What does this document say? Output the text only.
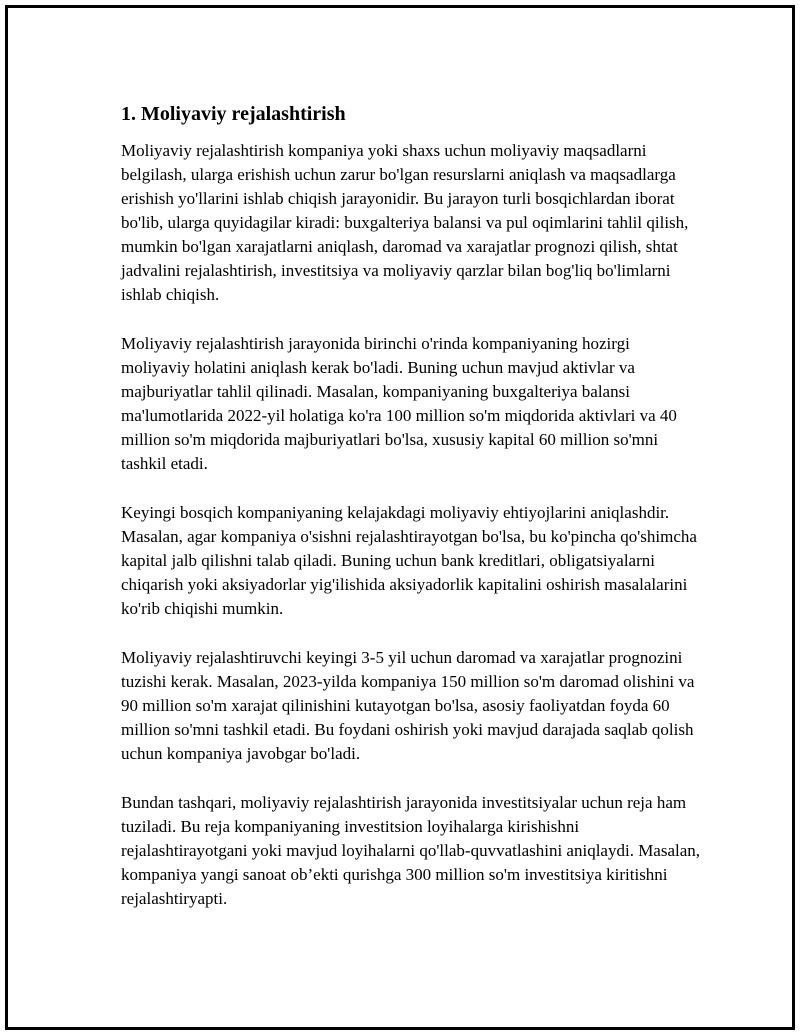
1. Moliyaviy rejalashtirish

Moliyaviy rejalashtirish kompaniya yoki shaxs uchun moliyaviy maqsadlarni belgilash, ularga erishish uchun zarur bo'lgan resurslarni aniqlash va maqsadlarga erishish yo'llarini ishlab chiqish jarayonidir. Bu jarayon turli bosqichlardan iborat bo'lib, ularga quyidagilar kiradi: buxgalteriya balansi va pul oqimlarini tahlil qilish, mumkin bo'lgan xarajatlarni aniqlash, daromad va xarajatlar prognozi qilish, shtat jadvalini rejalashtirish, investitsiya va moliyaviy qarzlar bilan bog'liq bo'limlarni ishlab chiqish.

Moliyaviy rejalashtirish jarayonida birinchi o'rinda kompaniyaning hozirgi moliyaviy holatini aniqlash kerak bo'ladi. Buning uchun mavjud aktivlar va majburiyatlar tahlil qilinadi. Masalan, kompaniyaning buxgalteriya balansi ma'lumotlarida 2022-yil holatiga ko'ra 100 million so'm miqdorida aktivlari va 40 million so'm miqdorida majburiyatlari bo'lsa, xususiy kapital 60 million so'mni tashkil etadi.

Keyingi bosqich kompaniyaning kelajakdagi moliyaviy ehtiyojlarini aniqlashdir. Masalan, agar kompaniya o'sishni rejalashtirayotgan bo'lsa, bu ko'pincha qo'shimcha kapital jalb qilishni talab qiladi. Buning uchun bank kreditlari, obligatsiyalarni chiqarish yoki aksiyadorlar yig'ilishida aksiyadorlik kapitalini oshirish masalalarini ko'rib chiqishi mumkin.

Moliyaviy rejalashtiruvchi keyingi 3-5 yil uchun daromad va xarajatlar prognozini tuzishi kerak. Masalan, 2023-yilda kompaniya 150 million so'm daromad olishini va 90 million so'm xarajat qilinishini kutayotgan bo'lsa, asosiy faoliyatdan foyda 60 million so'mni tashkil etadi. Bu foydani oshirish yoki mavjud darajada saqlab qolish uchun kompaniya javobgar bo'ladi.

Bundan tashqari, moliyaviy rejalashtirish jarayonida investitsiyalar uchun reja ham tuziladi. Bu reja kompaniyaning investitsion loyihalarga kirishishni rejalashtirayotgani yoki mavjud loyihalarni qo'llab-quvvatlashini aniqlaydi. Masalan, kompaniya yangi sanoat ob’ekti qurishga 300 million so'm investitsiya kiritishni rejalashtiryapti.
